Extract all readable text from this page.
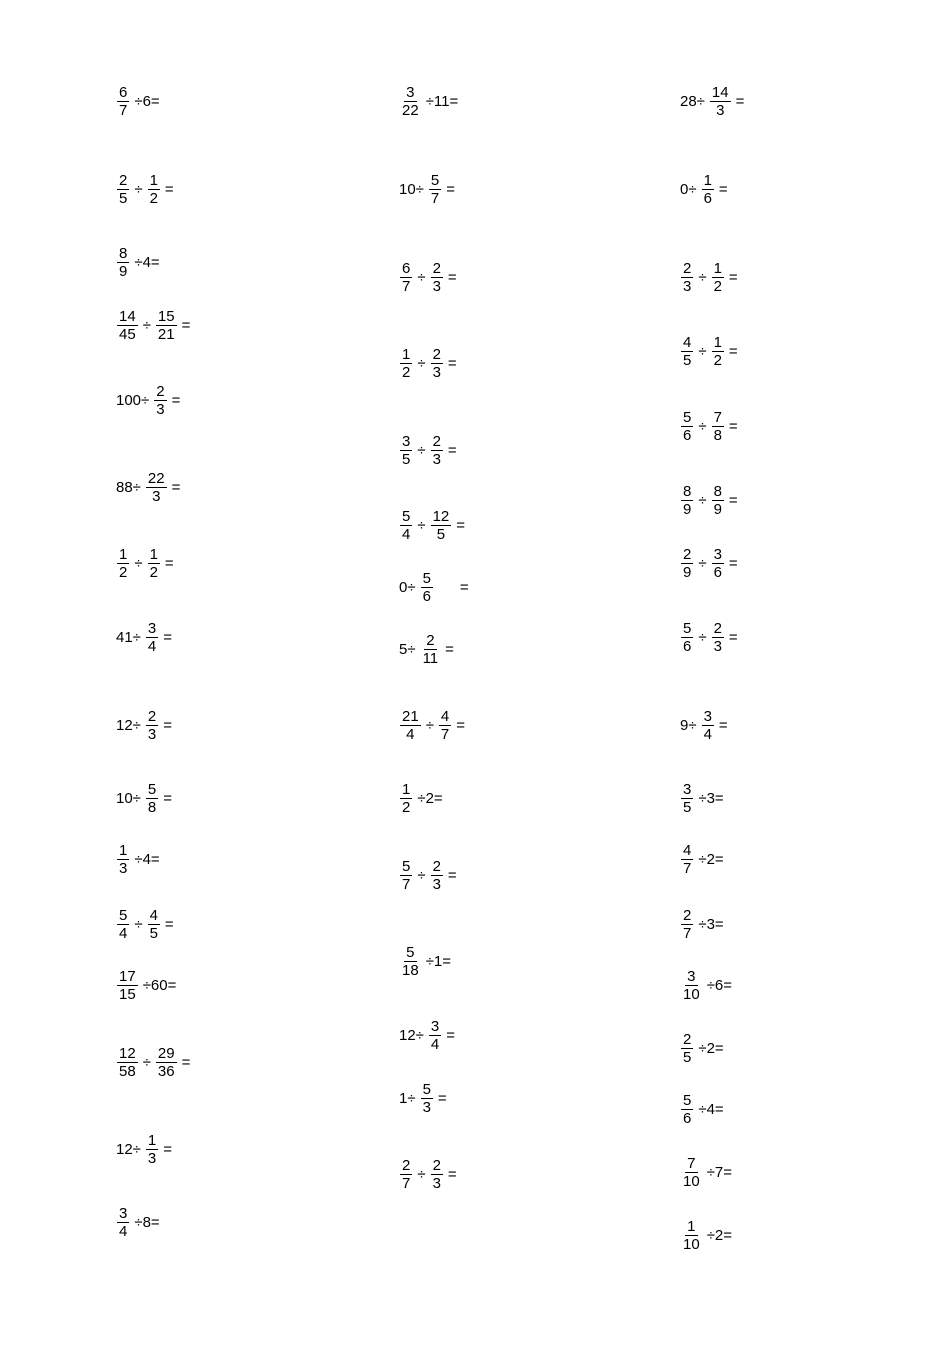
$\frac{6}{7} \div 6=$
$\frac{2}{5} \div \frac{1}{2}$ =
$\frac{8}{9} \div 4=$
$\frac{14}{45} \div \frac{15}{21}$ =
$100\div \frac{2}{3}$ =
$88\div \frac{22}{3}$ =
$\frac{1}{2} \div \frac{1}{2}$ =
$41\div \frac{3}{4}$ =
$12\div \frac{2}{3}$ =
$10\div \frac{5}{8}$ =
$\frac{1}{3} \div 4=$
$\frac{5}{4} \div \frac{4}{5}$ =
$\frac{17}{15} \div 60=$
$\frac{12}{58} \div \frac{29}{36}$ =
$12\div \frac{1}{3}$ =
$\frac{3}{4} \div 8=$
$\frac{3}{22} \div 11=$
$10\div \frac{5}{7}$ =
$\frac{6}{7} \div \frac{2}{3}$ =
$\frac{1}{2} \div \frac{2}{3}$ =
$\frac{3}{5} \div \frac{2}{3}$ =
$\frac{5}{4} \div \frac{12}{5}$ =
$0\div \frac{5}{6}$ =
$5\div \frac{2}{11}$ =
$\frac{21}{4} \div \frac{4}{7}$ =
$\frac{1}{2} \div 2=$
$\frac{5}{7} \div \frac{2}{3}$ =
$\frac{5}{18} \div 1=$
$12\div \frac{3}{4}$ =
$1\div \frac{5}{3}$ =
$\frac{2}{7} \div \frac{2}{3}$ =
$28\div \frac{14}{3}$ =
$0\div \frac{1}{6}$ =
$\frac{2}{3} \div \frac{1}{2}$ =
$\frac{4}{5} \div \frac{1}{2}$ =
$\frac{5}{6} \div \frac{7}{8}$ =
$\frac{8}{9} \div \frac{8}{9}$ =
$\frac{2}{9} \div \frac{3}{6}$ =
$\frac{5}{6} \div \frac{2}{3}$ =
$9\div \frac{3}{4}$ =
$\frac{3}{5} \div 3=$
$\frac{4}{7} \div 2=$
$\frac{2}{7} \div 3=$
$\frac{3}{10} \div 6=$
$\frac{2}{5} \div 2=$
$\frac{5}{6} \div 4=$
$\frac{7}{10} \div 7=$
$\frac{1}{10} \div 2=$
